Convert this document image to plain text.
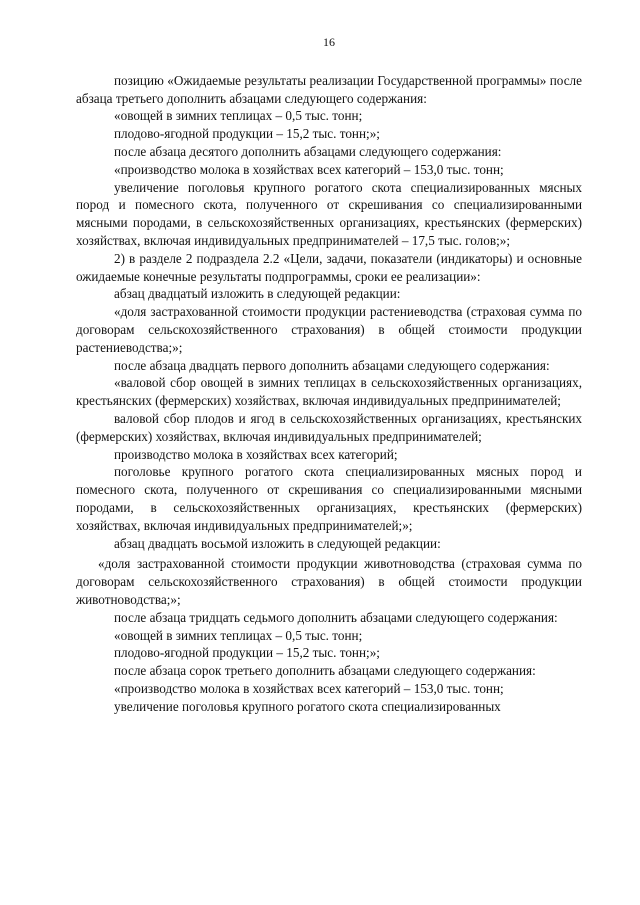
16

позицию «Ожидаемые результаты реализации Государственной программы» после абзаца третьего дополнить абзацами следующего содержания:

«овощей в зимних теплицах – 0,5 тыс. тонн;

плодово-ягодной продукции – 15,2 тыс. тонн;»;

после абзаца десятого дополнить абзацами следующего содержания:

«производство молока в хозяйствах всех категорий – 153,0 тыс. тонн;

увеличение поголовья крупного рогатого скота специализированных мясных пород и помесного скота, полученного от скрешивания со специализированными мясными породами, в сельскохозяйственных организациях, крестьянских (фермерских) хозяйствах, включая индивидуальных предпринимателей – 17,5 тыс. голов;»;

2) в разделе 2 подраздела 2.2 «Цели, задачи, показатели (индикаторы) и основные ожидаемые конечные результаты подпрограммы, сроки ее реализации»:

абзац двадцатый изложить в следующей редакции:

«доля застрахованной стоимости продукции растениеводства (страховая сумма по договорам сельскохозяйственного страхования) в общей стоимости продукции растениеводства;»;

после абзаца двадцать первого дополнить абзацами следующего содержания:

«валовой сбор овощей в зимних теплицах в сельскохозяйственных организациях, крестьянских (фермерских) хозяйствах, включая индивидуальных предпринимателей;

валовой сбор плодов и ягод в сельскохозяйственных организациях, крестьянских (фермерских) хозяйствах, включая индивидуальных предпринимателей;

производство молока в хозяйствах всех категорий;

поголовье крупного рогатого скота специализированных мясных пород и помесного скота, полученного от скрешивания со специализированными мясными породами, в сельскохозяйственных организациях, крестьянских (фермерских) хозяйствах, включая индивидуальных предпринимателей;»;

абзац двадцать восьмой изложить в следующей редакции:

«доля застрахованной стоимости продукции животноводства (страховая сумма по договорам сельскохозяйственного страхования) в общей стоимости продукции животноводства;»;

после абзаца тридцать седьмого дополнить абзацами следующего содержания:

«овощей в зимних теплицах – 0,5 тыс. тонн;

плодово-ягодной продукции – 15,2 тыс. тонн;»;

после абзаца сорок третьего дополнить абзацами следующего содержания:

«производство молока в хозяйствах всех категорий – 153,0 тыс. тонн;

увеличение поголовья крупного рогатого скота специализированных
